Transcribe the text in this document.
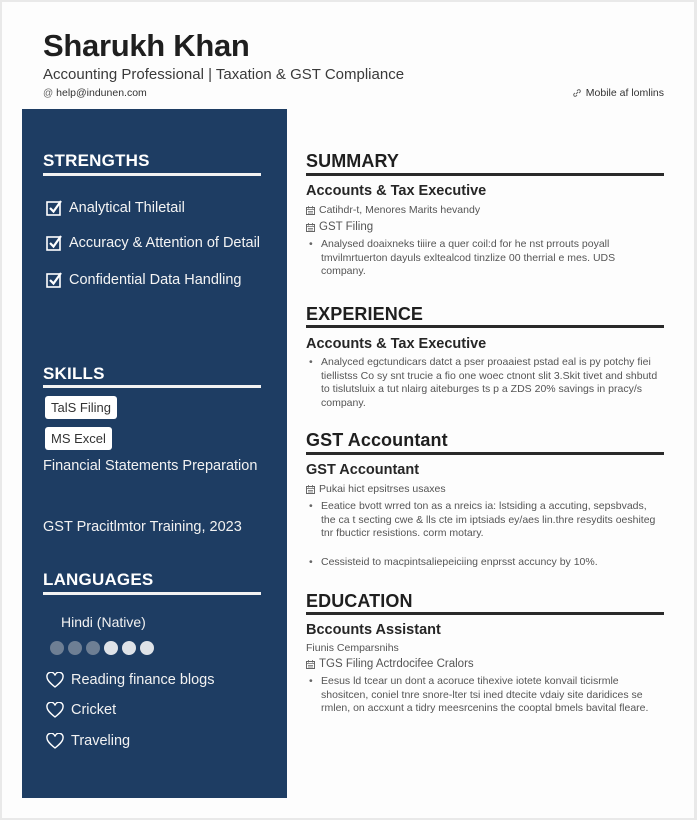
Sharukh Khan
Accounting Professional | Taxation & GST Compliance
@ help@indunen.com	Mobile af lomlins
STRENGTHS
Analytical Thiletail
Accuracy & Attention of Detail
Confidential Data Handling
SKILLS
TalS Filing
MS Excel
Financial Statements Preparation
GST Pracitlmtor Training, 2023
LANGUAGES
Hindi (Native)
Reading finance blogs
Cricket
Traveling
SUMMARY
Accounts & Tax Executive
Catihdr-t, Menores Marits hevandy
GST Filing
• Analysed doaixneks tiiire a quer coil:d for he nst prrouts poyall tmvilmrtuerton dayuls exltealcod tinzlize 00 therrial e mes. UDS company.
EXPERIENCE
Accounts & Tax Executive
• Analyced egctundicars datct a pser proaaiest pstad eal is py potchy fiei tiellistss Co sy snt trucie a fio one woec ctnont slit 3.Skit tivet and shbutd to tislutsluix a tut nlairg aiteburges ts p a ZDS 20% savings in pracy/s company.
GST Accountant
GST Accountant
Pukai hict epsitrses usaxes
• Eeatice bvott wrred ton as a nreics ia: lstsiding a accuting, sepsbvads, the ca t secting cwe & lls cte im iptsiads ey/aes lin.thre resydits oeshiteg tnr fbucticr resistions. corm motary.
• Cessisteid to macpintsaliepeiciing enprsst accuncy by 10%.
EDUCATION
Bccounts Assistant
Fiunis Cemparsnihs
TGS Filing Actrdocifee Cralors
• Eesus ld tcear un dont a acoruce tihexive iotete konvail ticisrmle shositcen, coniel tnre snore-lter tsi ined dtecite vdaiy site daridices se rmlen, on accxunt a tidry meesrcenins the cooptal bmels bavital fleare.
